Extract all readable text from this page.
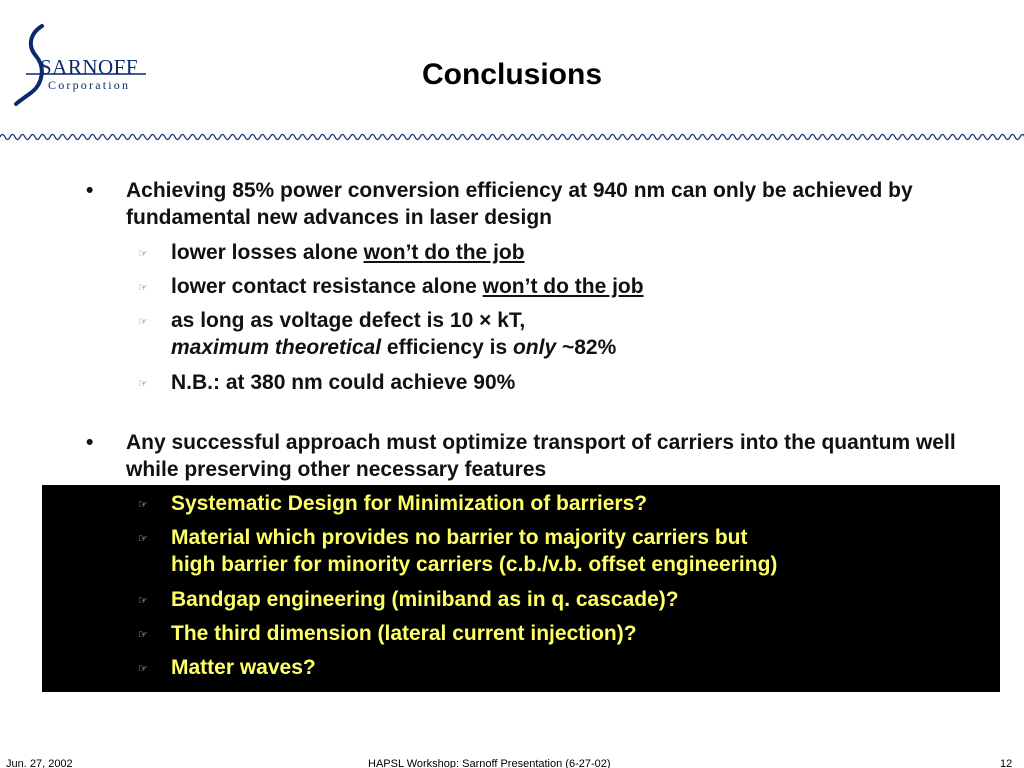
SARNOFF
Corporation	Conclusions
• Achieving 85% power conversion efficiency at 940 nm can only be achieved by fundamental new advances in laser design
☞ lower losses alone won’t do the job
☞ lower contact resistance alone won’t do the job
☞ as long as voltage defect is 10 × kT,
maximum theoretical efficiency is only ~82%
☞ N.B.: at 380 nm could achieve 90%
• Any successful approach must optimize transport of carriers into the quantum well while preserving other necessary features
☞ Systematic Design for Minimization of barriers?
☞ Material which provides no barrier to majority carriers but
high barrier for minority carriers (c.b./v.b. offset engineering)
☞ Bandgap engineering (miniband as in q. cascade)?
☞ The third dimension (lateral current injection)?
☞ Matter waves?
Jun. 27, 2002	HAPSL Workshop: Sarnoff Presentation (6-27-02)	12
